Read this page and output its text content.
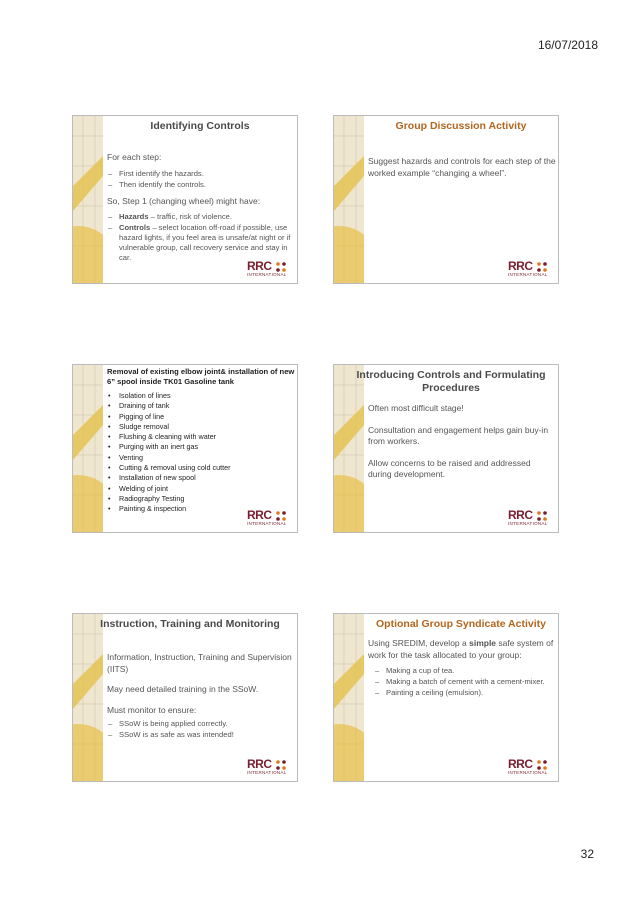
16/07/2018
Identifying Controls

For each step:

– First identify the hazards.
– Then identify the controls.

So, Step 1 (changing wheel) might have:

– Hazards – traffic, risk of violence.
– Controls – select location off-road if possible, use hazard lights, if you feel area is unsafe/at night or if vulnerable group, call recovery service and stay in car.
RRC
INTERNATIONAL
Group Discussion Activity

Suggest hazards and controls for each step of the worked example “changing a wheel”.

RRC
INTERNATIONAL
Removal of existing elbow joint& installation of new 6” spool inside TK01 Gasoline tank
• Isolation of lines
• Draining of tank
• Pigging of line
• Sludge removal
• Flushing & cleaning with water
• Purging with an inert gas
• Venting
• Cutting & removal using cold cutter
• Installation of new spool
• Welding of joint
• Radiography Testing
• Painting & inspection	RRC
INTERNATIONAL
Introducing Controls and Formulating Procedures

Often most difficult stage!

Consultation and engagement helps gain buy-in from workers.

Allow concerns to be raised and addressed during development.

RRC
INTERNATIONAL
Instruction, Training and Monitoring

Information, Instruction, Training and Supervision (IITS)

May need detailed training in the SSoW.

Must monitor to ensure:

– SSoW is being applied correctly.
– SSoW is as safe as was intended!
RRC
INTERNATIONAL
Optional Group Syndicate Activity

Using SREDIM, develop a simple safe system of work for the task allocated to your group:

– Making a cup of tea.
– Making a batch of cement with a cement-mixer.
– Painting a ceiling (emulsion).
RRC
INTERNATIONAL
32
